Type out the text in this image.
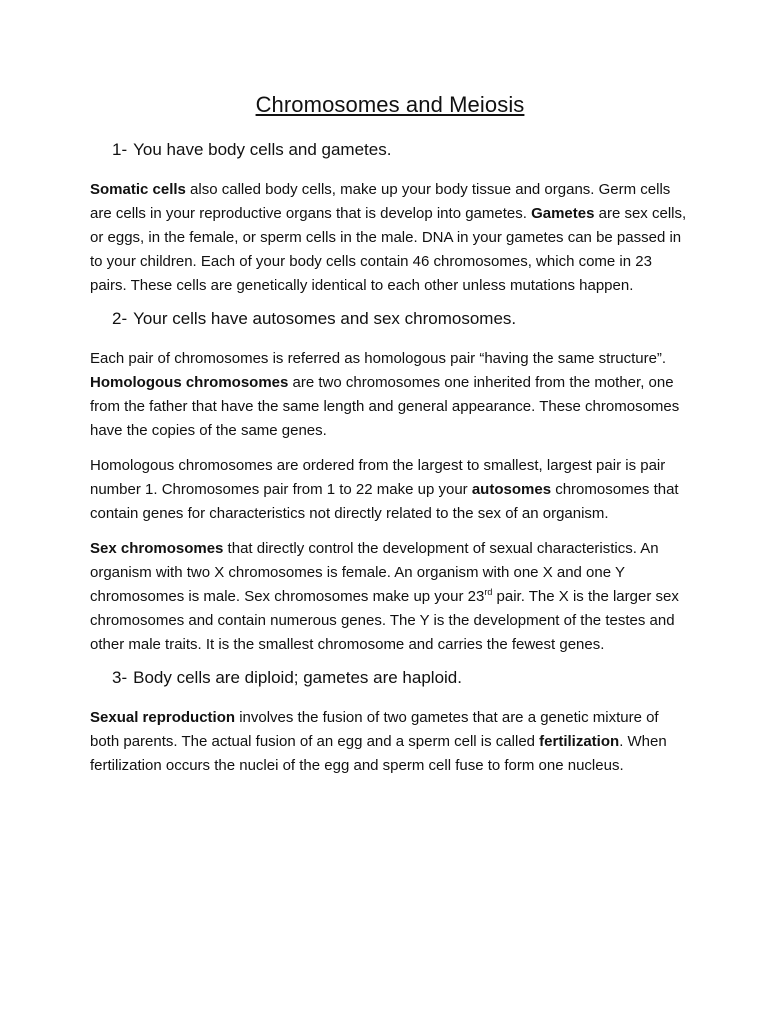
Chromosomes and Meiosis
1- You have body cells and gametes.

Somatic cells also called body cells, make up your body tissue and organs. Germ cells are cells in your reproductive organs that is develop into gametes. Gametes are sex cells, or eggs, in the female, or sperm cells in the male. DNA in your gametes can be passed in to your children. Each of your body cells contain 46 chromosomes, which come in 23 pairs. These cells are genetically identical to each other unless mutations happen.

2- Your cells have autosomes and sex chromosomes.

Each pair of chromosomes is referred as homologous pair “having the same structure”. Homologous chromosomes are two chromosomes one inherited from the mother, one from the father that have the same length and general appearance. These chromosomes have the copies of the same genes.

Homologous chromosomes are ordered from the largest to smallest, largest pair is pair number 1. Chromosomes pair from 1 to 22 make up your autosomes chromosomes that contain genes for characteristics not directly related to the sex of an organism.

Sex chromosomes that directly control the development of sexual characteristics. An organism with two X chromosomes is female. An organism with one X and one Y chromosomes is male. Sex chromosomes make up your 23rd pair. The X is the larger sex chromosomes and contain numerous genes. The Y is the development of the testes and other male traits. It is the smallest chromosome and carries the fewest genes.

3- Body cells are diploid; gametes are haploid.

Sexual reproduction involves the fusion of two gametes that are a genetic mixture of both parents. The actual fusion of an egg and a sperm cell is called fertilization. When fertilization occurs the nuclei of the egg and sperm cell fuse to form one nucleus.
